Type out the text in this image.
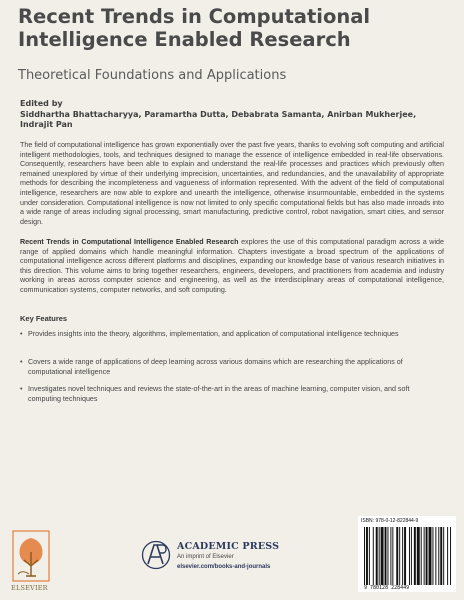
Recent Trends in Computational
Intelligence Enabled Research
Theoretical Foundations and Applications
Edited by
Siddhartha Bhattacharyya, Paramartha Dutta, Debabrata Samanta, Anirban Mukherjee, Indrajit Pan

The field of computational intelligence has grown exponentially over the past five years, thanks to evolving soft computing and artificial intelligent methodologies, tools, and techniques designed to manage the essence of intelligence embedded in real-life observations. Consequently, researchers have been able to explain and understand the real-life processes and practices which previously often remained unexplored by virtue of their underlying imprecision, uncertainties, and redundancies, and the unavailability of appropriate methods for describing the incompleteness and vagueness of information represented. With the advent of the field of computational intelligence, researchers are now able to explore and unearth the intelligence, otherwise insurmountable, embedded in the systems under consideration. Computational intelligence is now not limited to only specific computational fields but has also made inroads into a wide range of areas including signal processing, smart manufacturing, predictive control, robot navigation, smart cities, and sensor design.

Recent Trends in Computational Intelligence Enabled Research explores the use of this computational paradigm across a wide range of applied domains which handle meaningful information. Chapters investigate a broad spectrum of the applications of computational intelligence across different platforms and disciplines, expanding our knowledge base of various research initiatives in this direction. This volume aims to bring together researchers, engineers, developers, and practitioners from academia and industry working in areas across computer science and engineering, as well as the interdisciplinary areas of computational intelligence, communication systems, computer networks, and soft computing.

Key Features
• Provides insights into the theory, algorithms, implementation, and application of computational intelligence techniques
• Covers a wide range of applications of deep learning across various domains which are researching the applications of computational intelligence
• Investigates novel techniques and reviews the state-of-the-art in the areas of machine learning, computer vision, and soft computing techniques
ELSEVIER
ACADEMIC PRESS
An imprint of Elsevier
elsevier.com/books-and-journals
ISBN: 978-0-12-822844-9
9 780128 228449
